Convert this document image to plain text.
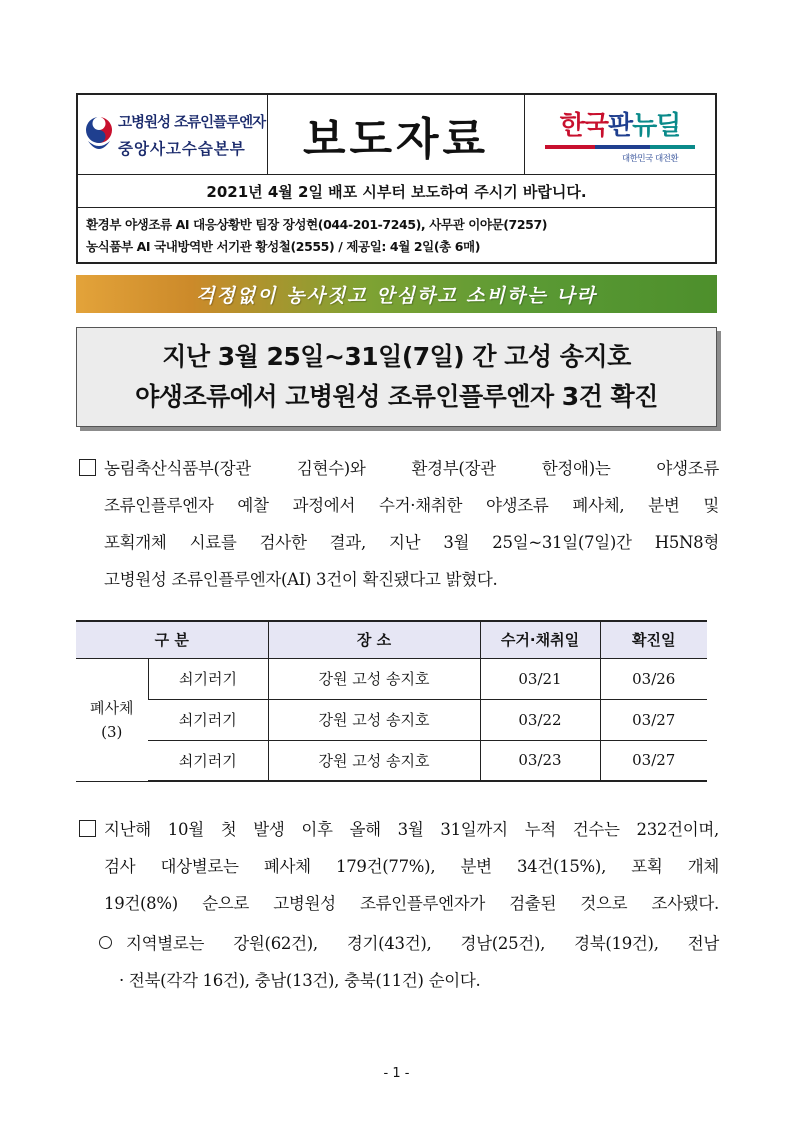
고병원성 조류인플루엔자
중앙사고수습본부	보도자료	한국판뉴딜
대한민국 대전환
2021년 4월 2일 배포 시부터 보도하여 주시기 바랍니다.
환경부 야생조류 AI 대응상황반 팀장 장성현(044-201-7245), 사무관 이야문(7257)
농식품부 AI 국내방역반 서기관 황성철(2555) / 제공일: 4월 2일(총 6매)
걱정없이 농사짓고 안심하고 소비하는 나라
지난 3월 25일~31일(7일) 간 고성 송지호
야생조류에서 고병원성 조류인플루엔자 3건 확진
농림축산식품부(장관 김현수)와 환경부(장관 한정애)는 야생조류
조류인플루엔자 예찰 과정에서 수거·채취한 야생조류 폐사체, 분변 및
포획개체 시료를 검사한 결과, 지난 3월 25일~31일(7일)간 H5N8형
고병원성 조류인플루엔자(AI) 3건이 확진됐다고 밝혔다.
구 분		장 소	수거·채취일	확진일

폐사체
(3)	쇠기러기	강원 고성 송지호	03/21	03/26
	쇠기러기	강원 고성 송지호	03/22	03/27
	쇠기러기	강원 고성 송지호	03/23	03/27
지난해 10월 첫 발생 이후 올해 3월 31일까지 누적 건수는 232건이며,
검사 대상별로는 폐사체 179건(77%), 분변 34건(15%), 포획 개체
19건(8%) 순으로 고병원성 조류인플루엔자가 검출된 것으로 조사됐다.
지역별로는 강원(62건), 경기(43건), 경남(25건), 경북(19건), 전남
· 전북(각각 16건), 충남(13건), 충북(11건) 순이다.
- 1 -
